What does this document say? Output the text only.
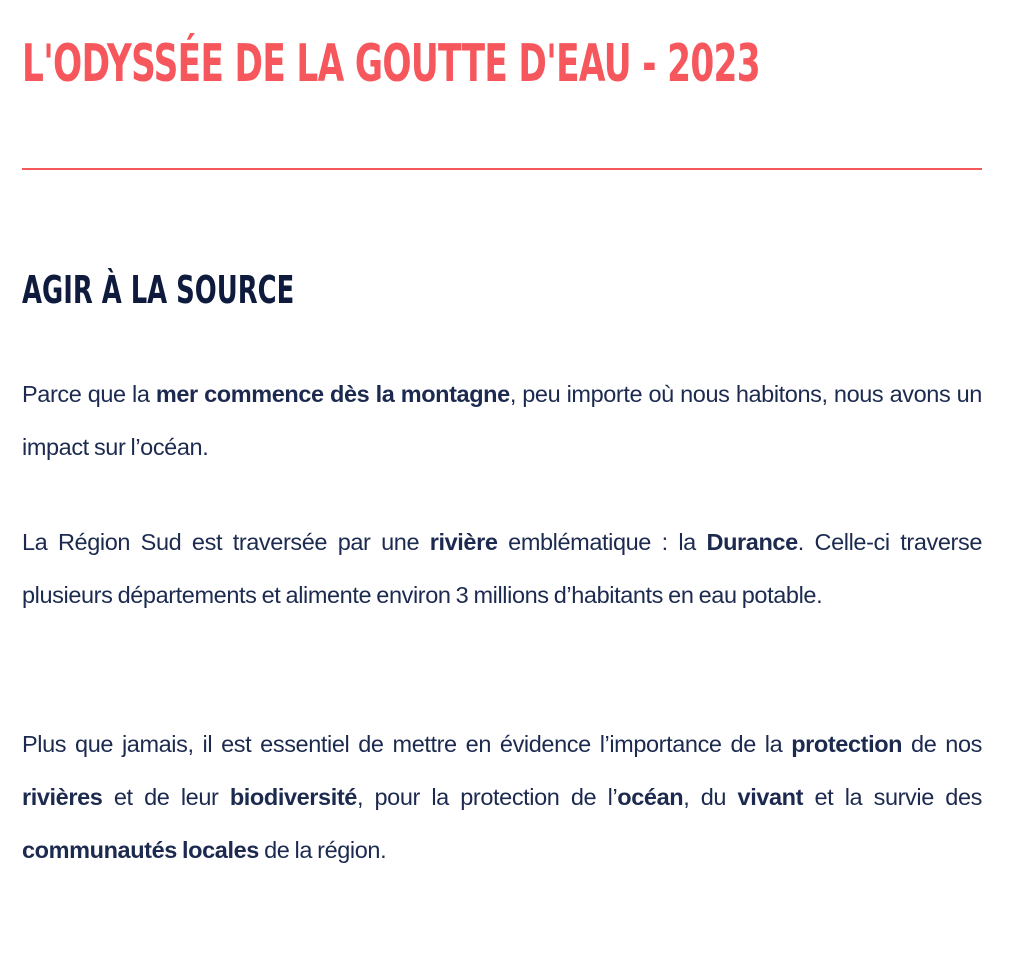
L'ODYSSÉE DE LA GOUTTE D'EAU - 2023
AGIR À LA SOURCE

Parce que la mer commence dès la montagne, peu importe où nous habitons, nous avons un impact sur l’océan.

La Région Sud est traversée par une rivière emblématique : la Durance. Celle-ci traverse plusieurs départements et alimente environ 3 millions d’habitants en eau potable.

Plus que jamais, il est essentiel de mettre en évidence l’importance de la protection de nos rivières et de leur biodiversité, pour la protection de l’océan, du vivant et la survie des communautés locales de la région.
